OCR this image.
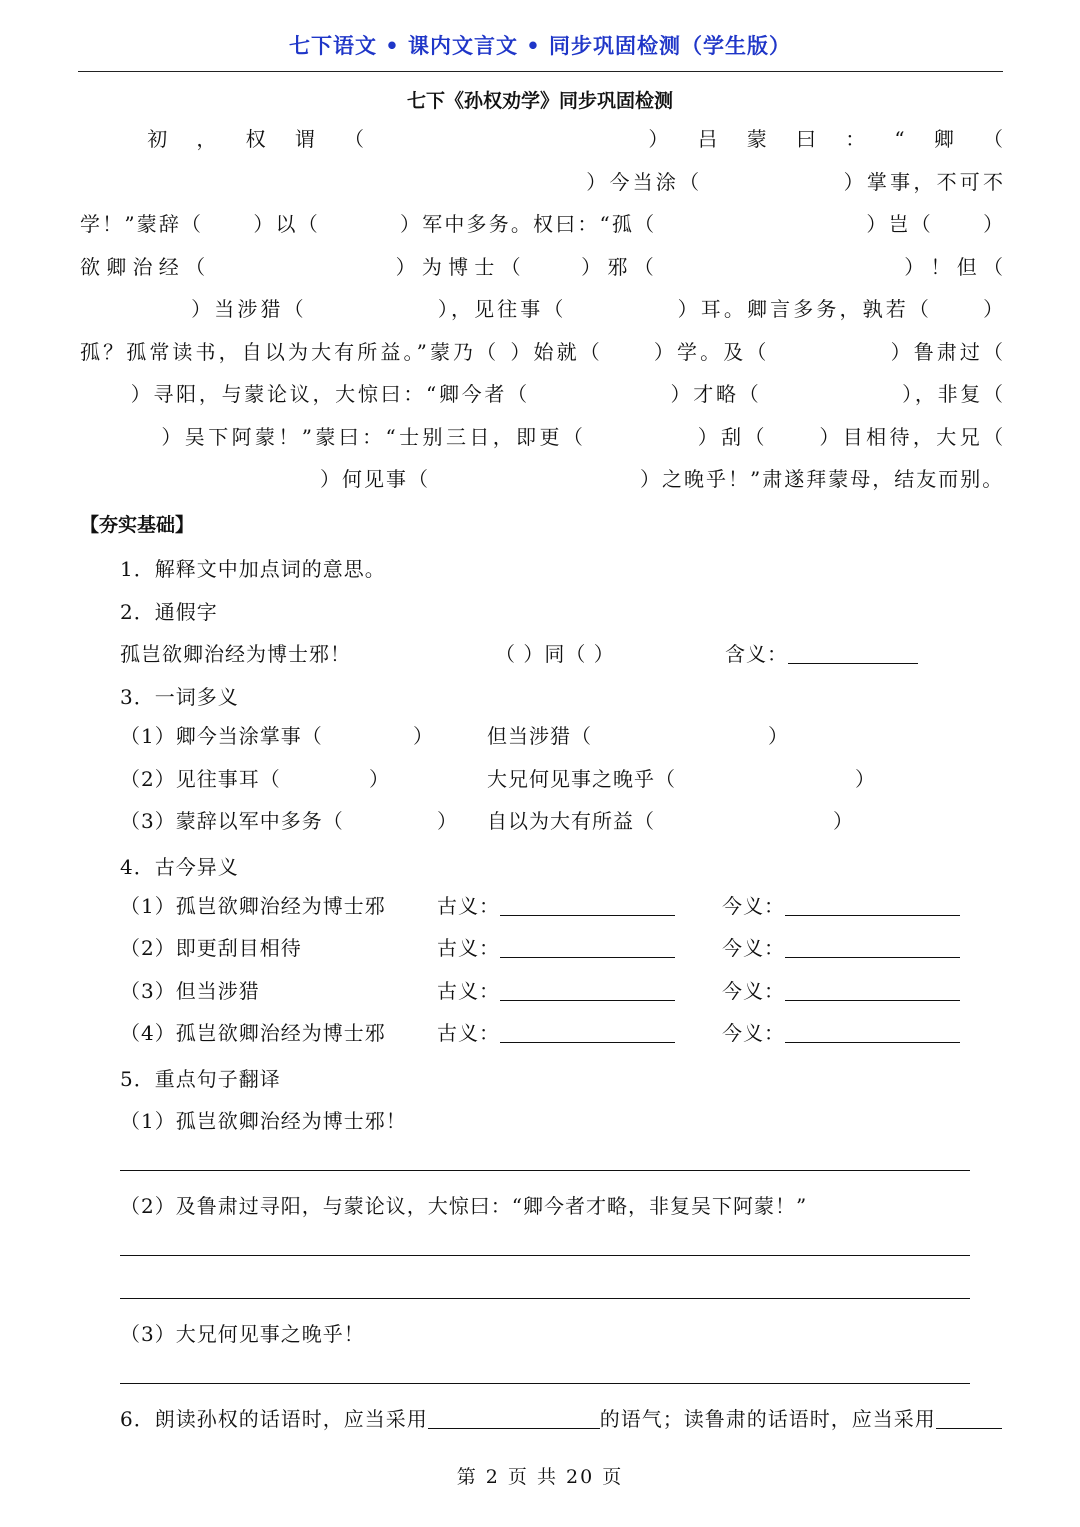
七下语文 • 课内文言文 • 同步巩固检测（学生版）
七下《孙权劝学》同步巩固检测

初，权谓（	）吕蒙曰：“卿（）今当涂（	）掌事，不可不学！”蒙辞（	）以（	）军中多务。权曰：“孤（	）岂（	）欲卿治经（	）为博士（	）邪（	）！但（）当涉猎（	），见往事（	）耳。卿言多务，孰若（	）孤？孤常读书，自以为大有所益。”蒙乃（ ）始就（	）学。及（	）鲁肃过（）寻阳，与蒙论议，大惊曰：“卿今者（	）才略（	），非复（）吴下阿蒙！”蒙曰：“士别三日，即更（	）刮（	）目相待，大兄（）何见事（	）之晚乎！”肃遂拜蒙母，结友而别。

【夯实基础】
1．解释文中加点词的意思。
2．通假字
孤岂欲卿治经为博士邪！	（ ）同（ ）	含义：
3．一词多义
（1）卿今当涂掌事（	）	但当涉猎（	）
（2）见往事耳（	）	大兄何见事之晚乎（	）
（3）蒙辞以军中多务（	） 自以为大有所益（	）
4．古今异义
（1）孤岂欲卿治经为博士邪	古义：	今义：
（2）即更刮目相待	古义：	今义：
（3）但当涉猎	古义：	今义：
（4）孤岂欲卿治经为博士邪	古义：	今义：
5．重点句子翻译
（1）孤岂欲卿治经为博士邪！
（2）及鲁肃过寻阳，与蒙论议，大惊曰：“卿今者才略，非复吴下阿蒙！”
（3）大兄何见事之晚乎！
6．朗读孙权的话语时，应当采用	的语气；读鲁肃的话语时，应当采用
第 2 页 共 20 页
